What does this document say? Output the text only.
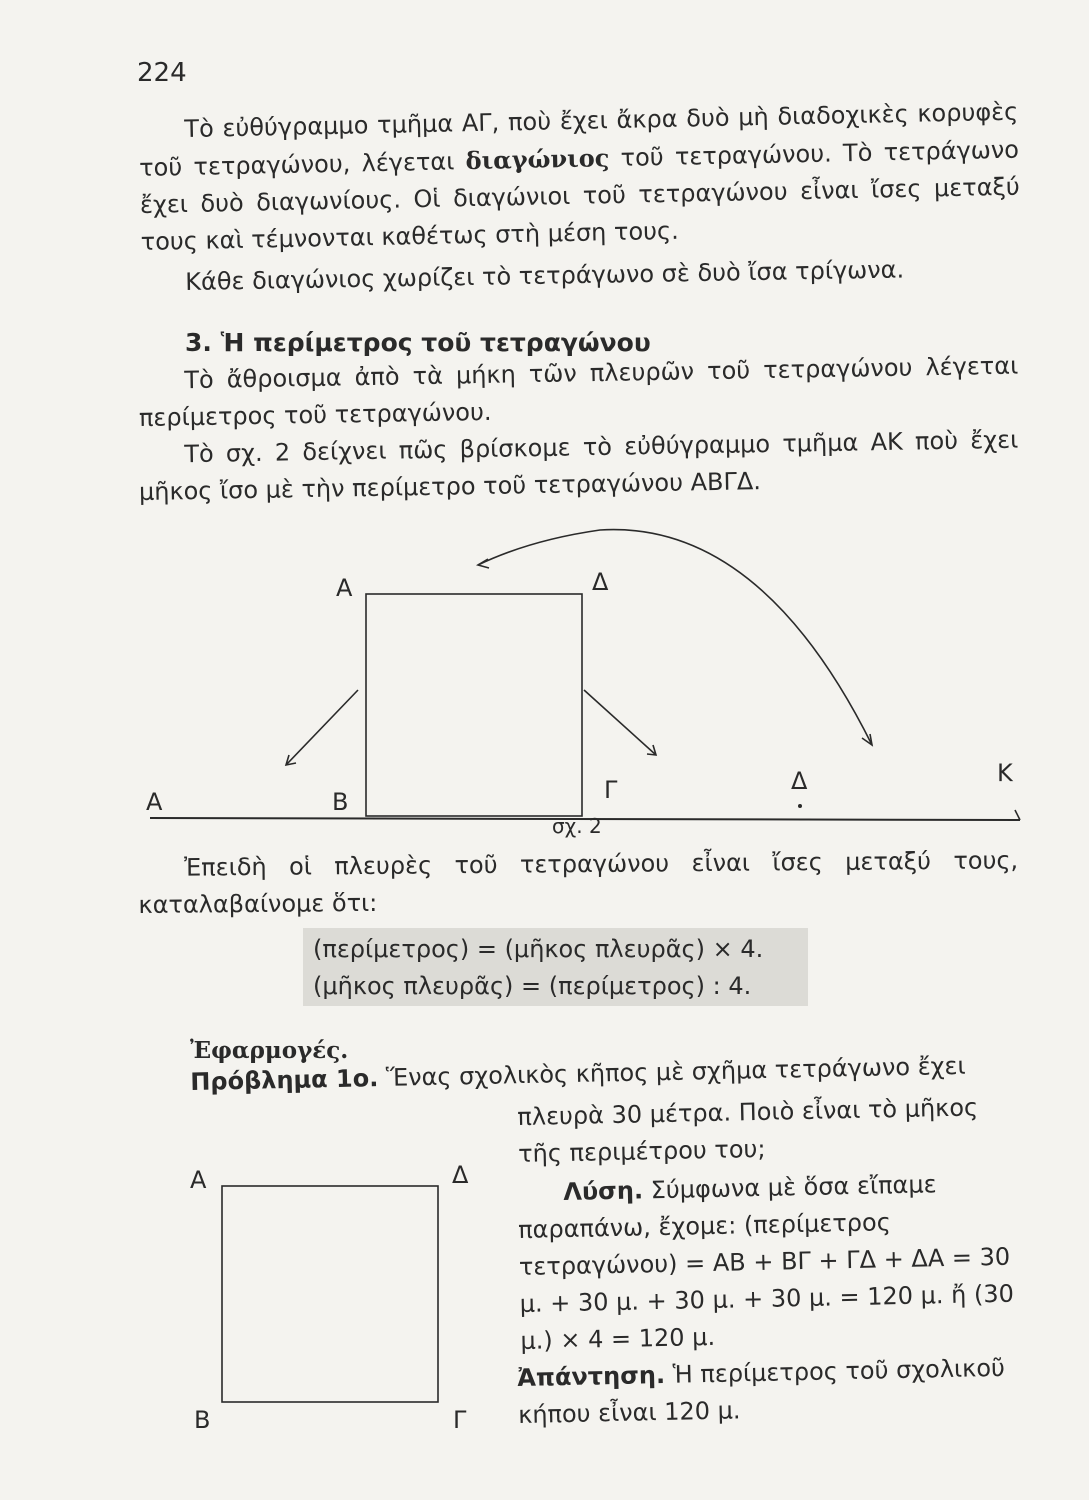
224
Τὸ εὐθύγραμμο τμῆμα ΑΓ, ποὺ ἔχει ἄκρα δυὸ μὴ διαδοχικὲς κορυφὲς τοῦ τετραγώνου, λέγεται διαγώνιος τοῦ τετραγώνου. Τὸ τετράγωνο ἔχει δυὸ διαγωνίους. Οἱ διαγώνιοι τοῦ τετραγώνου εἶναι ἴσες μεταξύ τους καὶ τέμνονται καθέτως στὴ μέση τους.
Κάθε διαγώνιος χωρίζει τὸ τετράγωνο σὲ δυὸ ἴσα τρίγωνα.
3. Ἡ περίμετρος τοῦ τετραγώνου
Τὸ ἄθροισμα ἀπὸ τὰ μήκη τῶν πλευρῶν τοῦ τετραγώνου λέγεται περίμετρος τοῦ τετραγώνου.
Τὸ σχ. 2 δείχνει πῶς βρίσκομε τὸ εὐθύγραμμο τμῆμα ΑΚ ποὺ ἔχει μῆκος ἴσο μὲ τὴν περίμετρο τοῦ τετραγώνου ΑΒΓΔ.
Α	Δ
Α	Β	Γ	Δ	Κ
σχ. 2
Α	Δ
Β	Γ
Ἐπειδὴ οἱ πλευρὲς τοῦ τετραγώνου εἶναι ἴσες μεταξύ τους, καταλαβαίνομε ὅτι:
(περίμετρος) = (μῆκος πλευρᾶς) × 4.
(μῆκος πλευρᾶς) = (περίμετρος) : 4.
Ἐφαρμογές.
Πρόβλημα 1ο. Ἕνας σχολικὸς κῆπος μὲ σχῆμα τετράγωνο ἔχει
πλευρὰ 30 μέτρα. Ποιὸ εἶναι τὸ μῆκος τῆς περιμέτρου του;
Λύση. Σύμφωνα μὲ ὅσα εἴπαμε παραπάνω, ἔχομε: (περίμετρος τετραγώνου) = ΑΒ + ΒΓ + ΓΔ + ΔΑ = 30 μ. + 30 μ. + 30 μ. + 30 μ. = 120 μ. ἤ (30 μ.) × 4 = 120 μ.
Ἀπάντηση. Ἡ περίμετρος τοῦ σχολικοῦ κήπου εἶναι 120 μ.
